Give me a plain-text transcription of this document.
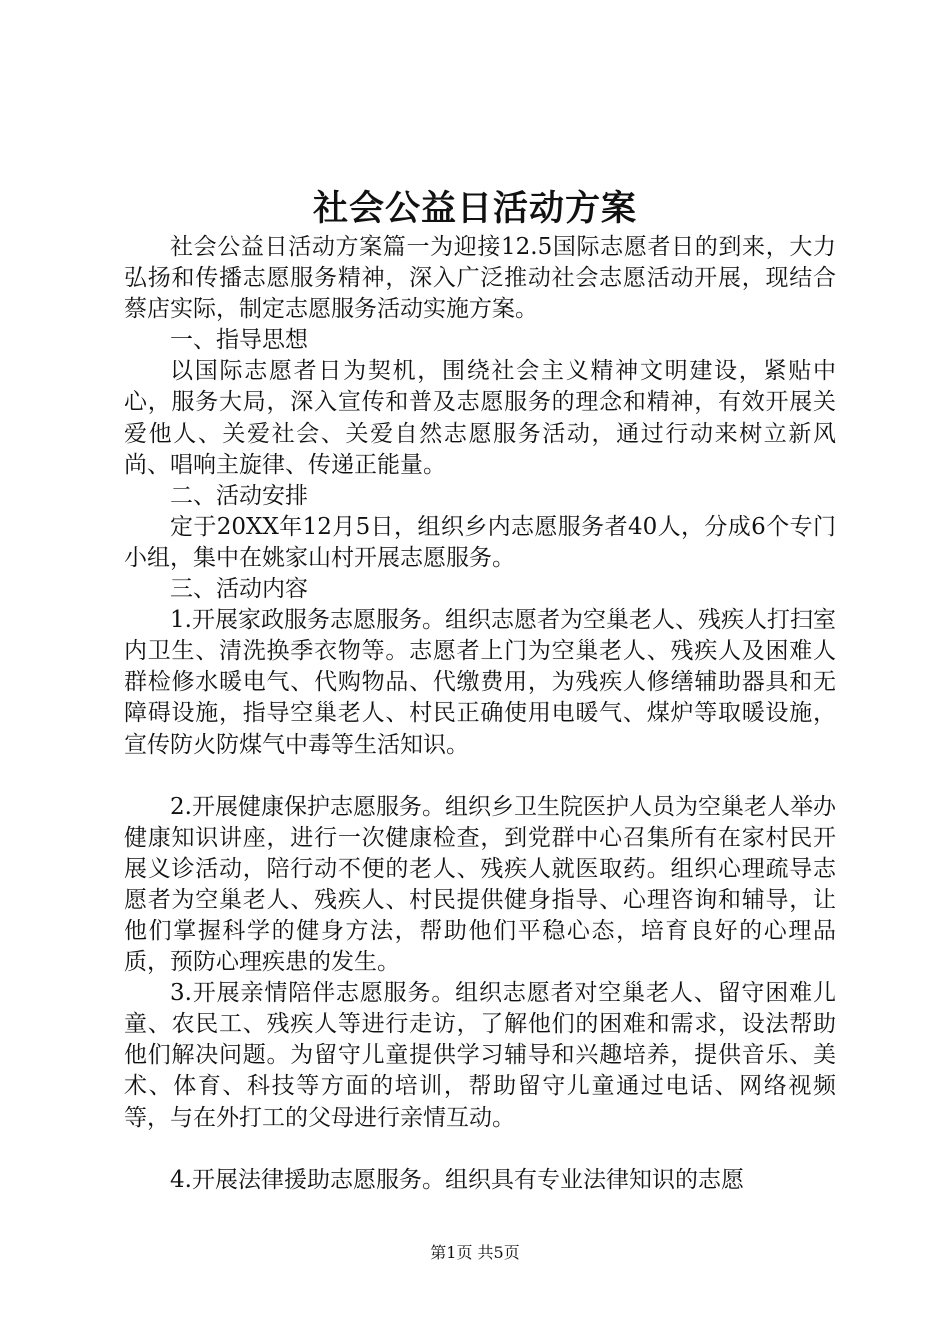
社会公益日活动方案

社会公益日活动方案篇一为迎接12.5国际志愿者日的到来，大力弘扬和传播志愿服务精神，深入广泛推动社会志愿活动开展，现结合蔡店实际，制定志愿服务活动实施方案。

一、指导思想

以国际志愿者日为契机，围绕社会主义精神文明建设，紧贴中心，服务大局，深入宣传和普及志愿服务的理念和精神，有效开展关爱他人、关爱社会、关爱自然志愿服务活动，通过行动来树立新风尚、唱响主旋律、传递正能量。

二、活动安排

定于20XX年12月5日，组织乡内志愿服务者40人，分成6个专门小组，集中在姚家山村开展志愿服务。

三、活动内容

1.开展家政服务志愿服务。组织志愿者为空巢老人、残疾人打扫室内卫生、清洗换季衣物等。志愿者上门为空巢老人、残疾人及困难人群检修水暖电气、代购物品、代缴费用，为残疾人修缮辅助器具和无障碍设施，指导空巢老人、村民正确使用电暖气、煤炉等取暖设施，宣传防火防煤气中毒等生活知识。

2.开展健康保护志愿服务。组织乡卫生院医护人员为空巢老人举办健康知识讲座，进行一次健康检查，到党群中心召集所有在家村民开展义诊活动，陪行动不便的老人、残疾人就医取药。组织心理疏导志愿者为空巢老人、残疾人、村民提供健身指导、心理咨询和辅导，让他们掌握科学的健身方法，帮助他们平稳心态，培育良好的心理品质，预防心理疾患的发生。

3.开展亲情陪伴志愿服务。组织志愿者对空巢老人、留守困难儿童、农民工、残疾人等进行走访，了解他们的困难和需求，设法帮助他们解决问题。为留守儿童提供学习辅导和兴趣培养，提供音乐、美术、体育、科技等方面的培训，帮助留守儿童通过电话、网络视频等，与在外打工的父母进行亲情互动。

4.开展法律援助志愿服务。组织具有专业法律知识的志愿

第1页 共5页
